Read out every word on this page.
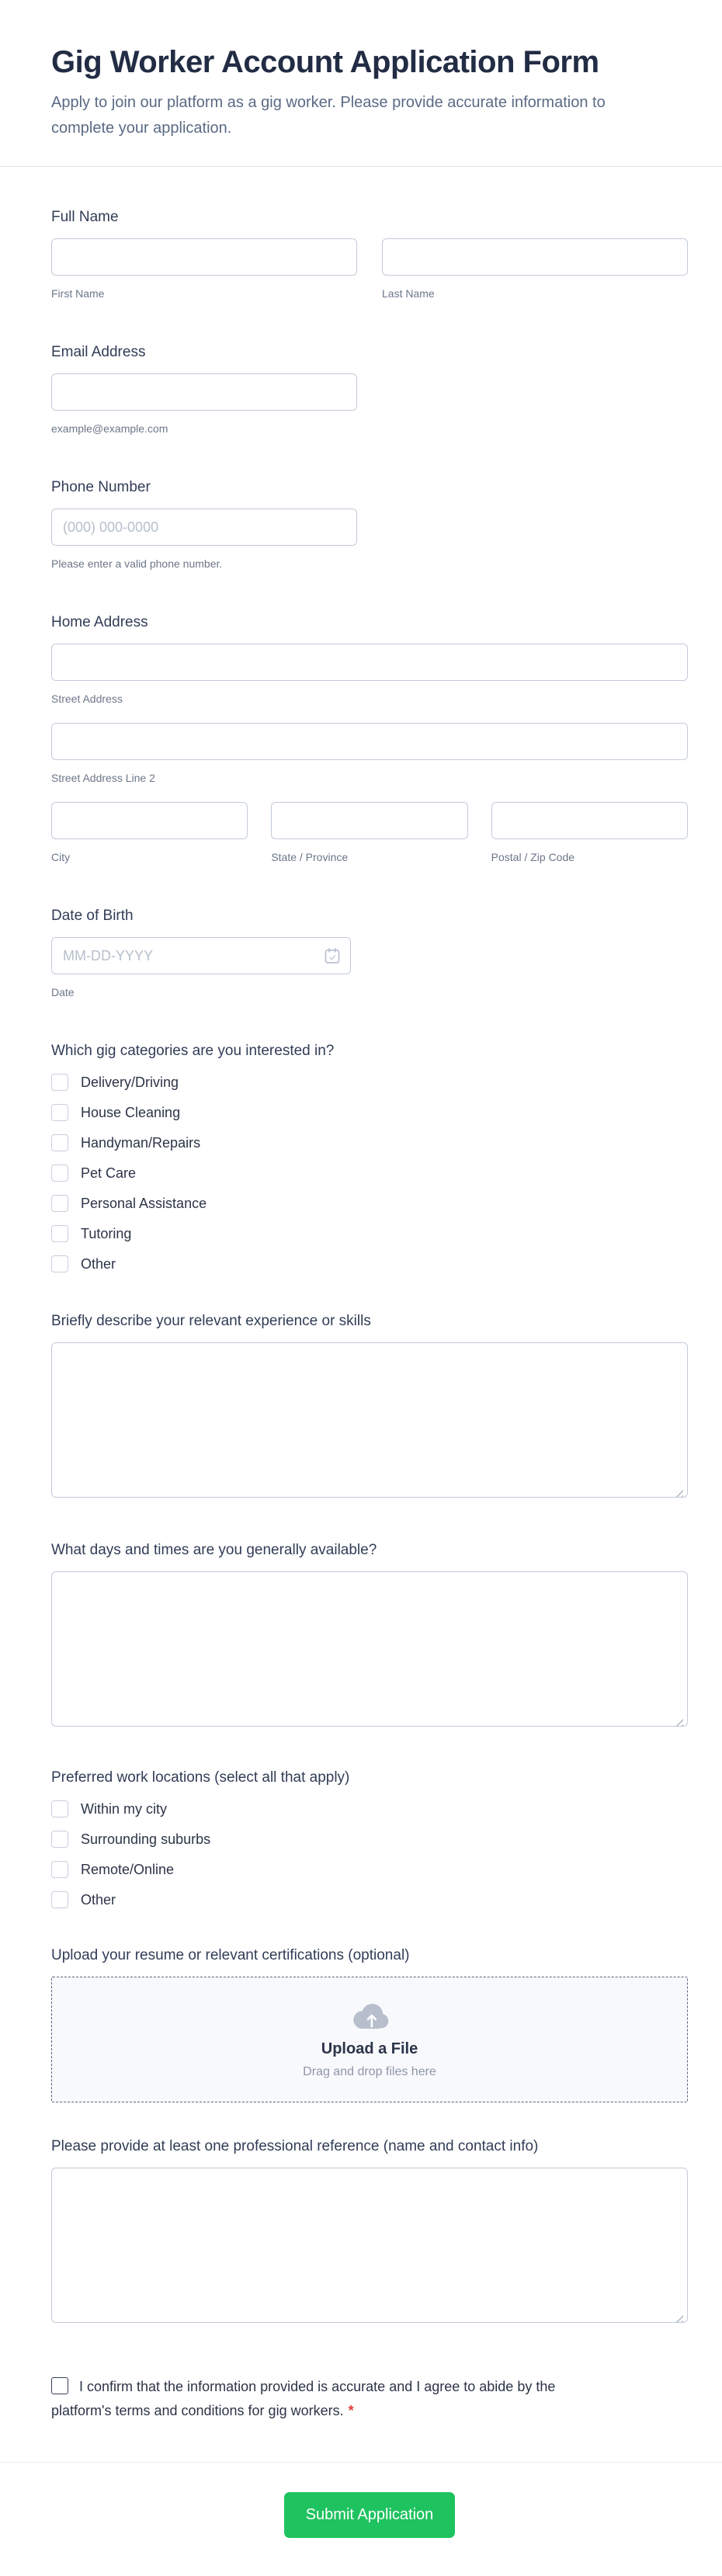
Gig Worker Account Application Form
Apply to join our platform as a gig worker. Please provide accurate information to complete your application.
Full Name
First Name	Last Name
Email Address
example@example.com
Phone Number
(000) 000-0000
Please enter a valid phone number.
Home Address
Street Address
Street Address Line 2
City	State / Province	Postal / Zip Code
Date of Birth
MM-DD-YYYY
Date
Which gig categories are you interested in?
Delivery/Driving
House Cleaning
Handyman/Repairs
Pet Care
Personal Assistance
Tutoring
Other
Briefly describe your relevant experience or skills
What days and times are you generally available?
Preferred work locations (select all that apply)
Within my city
Surrounding suburbs
Remote/Online
Other
Upload your resume or relevant certifications (optional)
Upload a File
Drag and drop files here
Please provide at least one professional reference (name and contact info)
I confirm that the information provided is accurate and I agree to abide by the platform's terms and conditions for gig workers. *
Submit Application
